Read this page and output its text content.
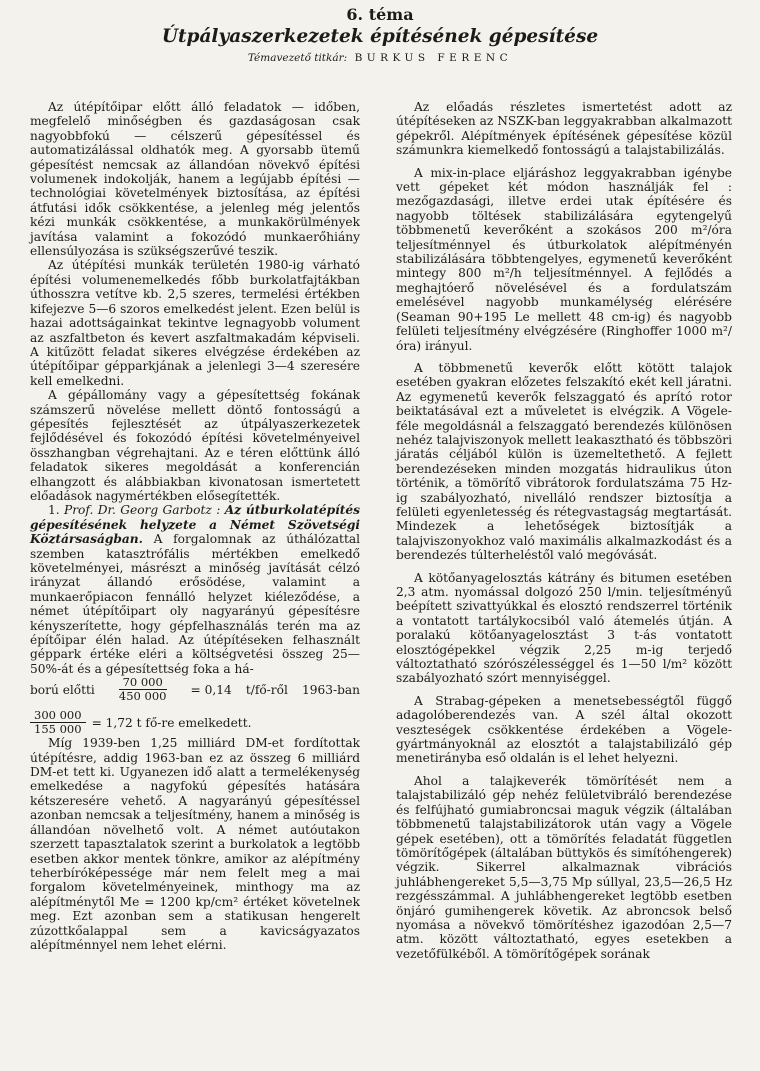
6. téma
Útpályaszerkezetek építésének gépesítése
Témavezető titkár: BURKUS FERENC

Az útépítőipar előtt álló feladatok — időben, megfelelő minőségben és gazdaságosan csak nagyobbfokú — célszerű gépesítéssel és automatizálással oldhatók meg. A gyorsabb ütemű gépesítést nemcsak az állandóan növekvő építési volumenek indokolják, hanem a legújabb építési — technológiai követelmények biztosítása, az építési átfutási idők csökkentése, a jelenleg még jelentős kézi munkák csökkentése, a munkakörülmények javítása valamint a fokozódó munkaerőhiány ellensúlyozása is szükségszerűvé teszik.

Az útépítési munkák területén 1980-ig várható építési volumenemelkedés főbb burkolatfajtákban úthosszra vetítve kb. 2,5 szeres, termelési értékben kifejezve 5—6 szoros emelkedést jelent. Ezen belül is hazai adottságainkat tekintve legnagyobb volument az aszfaltbeton és kevert aszfaltmakadám képviseli. A kitűzött feladat sikeres elvégzése érdekében az útépítőipar gépparkjának a jelenlegi 3—4 szeresére kell emelkedni.

A gépállomány vagy a gépesítettség fokának számszerű növelése mellett döntő fontosságú a gépesítés fejlesztését az útpályaszerkezetek fejlődésével és fokozódó építési követelményeivel összhangban végrehajtani. Az e téren előttünk álló feladatok sikeres megoldását a konferencián elhangzott és alábbiakban kivonatosan ismertetett előadások nagymértékben elősegítették.

1. Prof. Dr. Georg Garbotz : Az útburkolatépítés gépesítésének helyzete a Német Szövetségi Köztársaságban. A forgalomnak az úthálózattal szemben katasztrófális mértékben emelkedő követelményei, másrészt a minőség javítását célzó irányzat állandó erősödése, valamint a munkaerőpiacon fennálló helyzet kiéleződése, a német útépítőipart oly nagyarányú gépesítésre kényszerítette, hogy gépfelhasználás terén ma az építőipar élén halad. Az útépítéseken felhasznált géppark értéke eléri a költségvetési összeg 25—50%-át és a gépesítettség foka a há-

ború előtti $\frac{70 000}{450 000} = 0,14$ t/fő-ről 1963-ban
$\frac{300 000}{155 000} = 1,72$ t fő-re emelkedett.

Míg 1939-ben 1,25 milliárd DM-et fordítottak útépítésre, addig 1963-ban ez az összeg 6 milliárd DM-et tett ki. Ugyanezen idő alatt a termelékenység emelkedése a nagyfokú gépesítés hatására kétszeresére vehető. A nagyarányú gépesítéssel azonban nemcsak a teljesítmény, hanem a minőség is állandóan növelhető volt. A német autóutakon szerzett tapasztalatok szerint a burkolatok a legtöbb esetben akkor mentek tönkre, amikor az alépítmény teherbíróképessége már nem felelt meg a mai forgalom követelményeinek, minthogy ma az alépítménytől Me = 1200 kp/cm² értéket követelnek meg. Ezt azonban sem a statikusan hengerelt zúzottkőalappal sem a kavicságyazatos alépítménnyel nem lehet elérni.

Az előadás részletes ismertetést adott az útépítéseken az NSZK-ban leggyakrabban alkalmazott gépekről. Alépítmények építésének gépesítése közül számunkra kiemelkedő fontosságú a talajstabilizálás.

A mix-in-place eljáráshoz leggyakrabban igénybe vett gépeket két módon használják fel : mezőgazdasági, illetve erdei utak építésére és nagyobb töltések stabilizálására egytengelyű többmenetű keverőként a szokásos 200 m²/óra teljesítménnyel és útburkolatok alépítményén stabilizálására többtengelyes, egymenetű keverőként mintegy 800 m²/h teljesítménnyel. A fejlődés a meghajtóerő növelésével és a fordulatszám emelésével nagyobb munkamélység elérésére (Seaman 90+195 Le mellett 48 cm-ig) és nagyobb felületi teljesítmény elvégzésére (Ringhoffer 1000 m²/óra) irányul.

A többmenetű keverők előtt kötött talajok esetében gyakran előzetes felszakító ekét kell járatni. Az egymenetű keverők felszaggató és aprító rotor beiktatásával ezt a műveletet is elvégzik. A Vögele-féle megoldásnál a felszaggató berendezés különösen nehéz talajviszonyok mellett leakasztható és többszöri járatás céljából külön is üzemeltethető. A fejlett berendezéseken minden mozgatás hidraulikus úton történik, a tömörítő vibrátorok fordulatszáma 75 Hz-ig szabályozható, nivelláló rendszer biztosítja a felületi egyenletesség és rétegvastagság megtartását. Mindezek a lehetőségek biztosítják a talajviszonyokhoz való maximális alkalmazkodást és a berendezés túlterheléstől való megóvását.

A kötőanyagelosztás kátrány és bitumen esetében 2,3 atm. nyomással dolgozó 250 l/min. teljesítményű beépített szivattyúkkal és elosztó rendszerrel történik a vontatott tartálykocsiból való átemelés útján. A poralakú kötőanyagelosztást 3 t-ás vontatott elosztógépekkel végzik 2,25 m-ig terjedő változtatható szórószélességgel és 1—50 l/m² között szabályozható szórt mennyiséggel.

A Strabag-gépeken a menetsebességtől függő adagolóberendezés van. A szél által okozott veszteségek csökkentése érdekében a Vögele-gyártmányoknál az elosztót a talajstabilizáló gép menetirányba eső oldalán is el lehet helyezni.

Ahol a talajkeverék tömörítését nem a talajstabilizáló gép nehéz felületvibráló berendezése és felfújható gumiabroncsai maguk végzik (általában többmenetű talajstabilizátorok után vagy a Vögele gépek esetében), ott a tömörítés feladatát független tömörítőgépek (általában büttykös és simítóhengerek) végzik. Sikerrel alkalmaznak vibrációs juhlábhengereket 5,5—3,75 Mp súllyal, 23,5—26,5 Hz rezgésszámmal. A juhlábhengereket legtöbb esetben önjáró gumihengerek követik. Az abroncsok belső nyomása a növekvő tömörítéshez igazodóan 2,5—7 atm. között változtatható, egyes esetekben a vezetőfülkéből. A tömörítőgépek sorának
